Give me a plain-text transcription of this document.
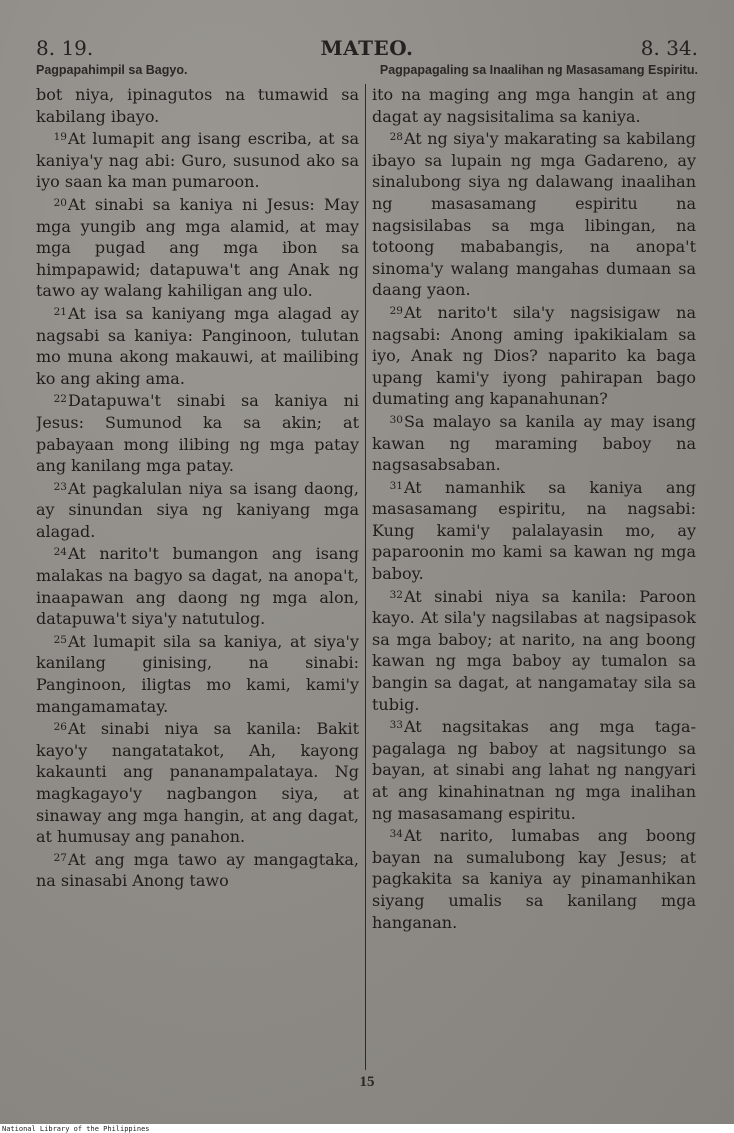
8. 19.	MATEO.	8. 34.
Pagpapahimpil sa Bagyo.	Pagpapagaling sa Inaalihan ng Masasamang Espiritu.

bot niya, ipinagutos na tumawid sa kabilang ibayo.

$^{19}$At lumapit ang isang escriba, at sa kaniya'y nag abi: Guro, susunod ako sa iyo saan ka man pumaroon.

$^{20}$At sinabi sa kaniya ni Jesus: May mga yungib ang mga alamid, at may mga pugad ang mga ibon sa himpapawid; datapuwa't ang Anak ng tawo ay walang kahiligan ang ulo.

$^{21}$At isa sa kaniyang mga alagad ay nagsabi sa kaniya: Panginoon, tulutan mo muna akong makauwi, at mailibing ko ang aking ama.

$^{22}$Datapuwa't sinabi sa kaniya ni Jesus: Sumunod ka sa akin; at pabayaan mong ilibing ng mga patay ang kanilang mga patay.

$^{23}$At pagkalulan niya sa isang daong, ay sinundan siya ng kaniyang mga alagad.

$^{24}$At narito't bumangon ang isang malakas na bagyo sa dagat, na anopa't, inaapawan ang daong ng mga alon, datapuwa't siya'y natutulog.

$^{25}$At lumapit sila sa kaniya, at siya'y kanilang ginising, na sinabi: Panginoon, iligtas mo kami, kami'y mangamamatay.

$^{26}$At sinabi niya sa kanila: Bakit kayo'y nangatatakot, Ah, kayong kakaunti ang pananampalataya. Ng magkagayo'y nagbangon siya, at sinaway ang mga hangin, at ang dagat, at humusay ang panahon.

$^{27}$At ang mga tawo ay mangagtaka, na sinasabi Anong tawo

ito na maging ang mga hangin at ang dagat ay nagsisitalima sa kaniya.

$^{28}$At ng siya'y makarating sa kabilang ibayo sa lupain ng mga Gadareno, ay sinalubong siya ng dalawang inaalihan ng masasamang espiritu na nagsisilabas sa mga libingan, na totoong mababangis, na anopa't sinoma'y walang mangahas dumaan sa daang yaon.

$^{29}$At narito't sila'y nagsisigaw na nagsabi: Anong aming ipakikialam sa iyo, Anak ng Dios? naparito ka baga upang kami'y iyong pahirapan bago dumating ang kapanahunan?

$^{30}$Sa malayo sa kanila ay may isang kawan ng maraming baboy na nagsasabsaban.

$^{31}$At namanhik sa kaniya ang masasamang espiritu, na nagsabi: Kung kami'y palalayasin mo, ay paparoonin mo kami sa kawan ng mga baboy.

$^{32}$At sinabi niya sa kanila: Paroon kayo. At sila'y nagsilabas at nagsipasok sa mga baboy; at narito, na ang boong kawan ng mga baboy ay tumalon sa bangin sa dagat, at nangamatay sila sa tubig.

$^{33}$At nagsitakas ang mga tagapagalaga ng baboy at nagsitungo sa bayan, at sinabi ang lahat ng nangyari at ang kinahinatnan ng mga inalihan ng masasamang espiritu.

$^{34}$At narito, lumabas ang boong bayan na sumalubong kay Jesus; at pagkakita sa kaniya ay pinamanhikan siyang umalis sa kanilang mga hanganan.

15
National Library of the Philippines
